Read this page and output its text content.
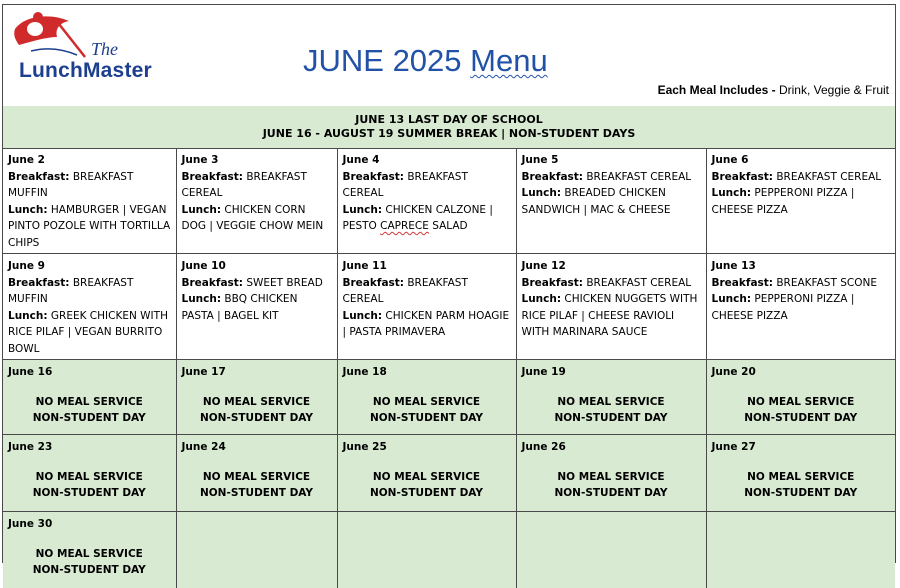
The
LunchMaster	JUNE 2025 Menu
Each Meal Includes - Drink, Veggie & Fruit
JUNE 13 LAST DAY OF SCHOOL
JUNE 16 - AUGUST 19 SUMMER BREAK | NON-STUDENT DAYS
June 2
Breakfast: BREAKFAST MUFFIN
Lunch: HAMBURGER | VEGAN PINTO POZOLE WITH TORTILLA CHIPS	June 3
Breakfast: BREAKFAST CEREAL
Lunch: CHICKEN CORN DOG | VEGGIE CHOW MEIN	June 4
Breakfast: BREAKFAST CEREAL
Lunch: CHICKEN CALZONE | PESTO CAPRECE SALAD	June 5
Breakfast: BREAKFAST CEREAL
Lunch: BREADED CHICKEN SANDWICH | MAC & CHEESE	June 6
Breakfast: BREAKFAST CEREAL
Lunch: PEPPERONI PIZZA | CHEESE PIZZA

June 9
Breakfast: BREAKFAST MUFFIN
Lunch: GREEK CHICKEN WITH RICE PILAF | VEGAN BURRITO BOWL	June 10
Breakfast: SWEET BREAD
Lunch: BBQ CHICKEN PASTA | BAGEL KIT	June 11
Breakfast: BREAKFAST CEREAL
Lunch: CHICKEN PARM HOAGIE | PASTA PRIMAVERA	June 12
Breakfast: BREAKFAST CEREAL
Lunch: CHICKEN NUGGETS WITH RICE PILAF | CHEESE RAVIOLI WITH MARINARA SAUCE	June 13
Breakfast: BREAKFAST SCONE
Lunch: PEPPERONI PIZZA | CHEESE PIZZA

June 16
NO MEAL SERVICE
NON-STUDENT DAY	June 17
NO MEAL SERVICE
NON-STUDENT DAY	June 18
NO MEAL SERVICE
NON-STUDENT DAY	June 19
NO MEAL SERVICE
NON-STUDENT DAY	June 20
NO MEAL SERVICE
NON-STUDENT DAY

June 23
NO MEAL SERVICE
NON-STUDENT DAY	June 24
NO MEAL SERVICE
NON-STUDENT DAY	June 25
NO MEAL SERVICE
NON-STUDENT DAY	June 26
NO MEAL SERVICE
NON-STUDENT DAY	June 27
NO MEAL SERVICE
NON-STUDENT DAY

June 30
NO MEAL SERVICE
NON-STUDENT DAY				
